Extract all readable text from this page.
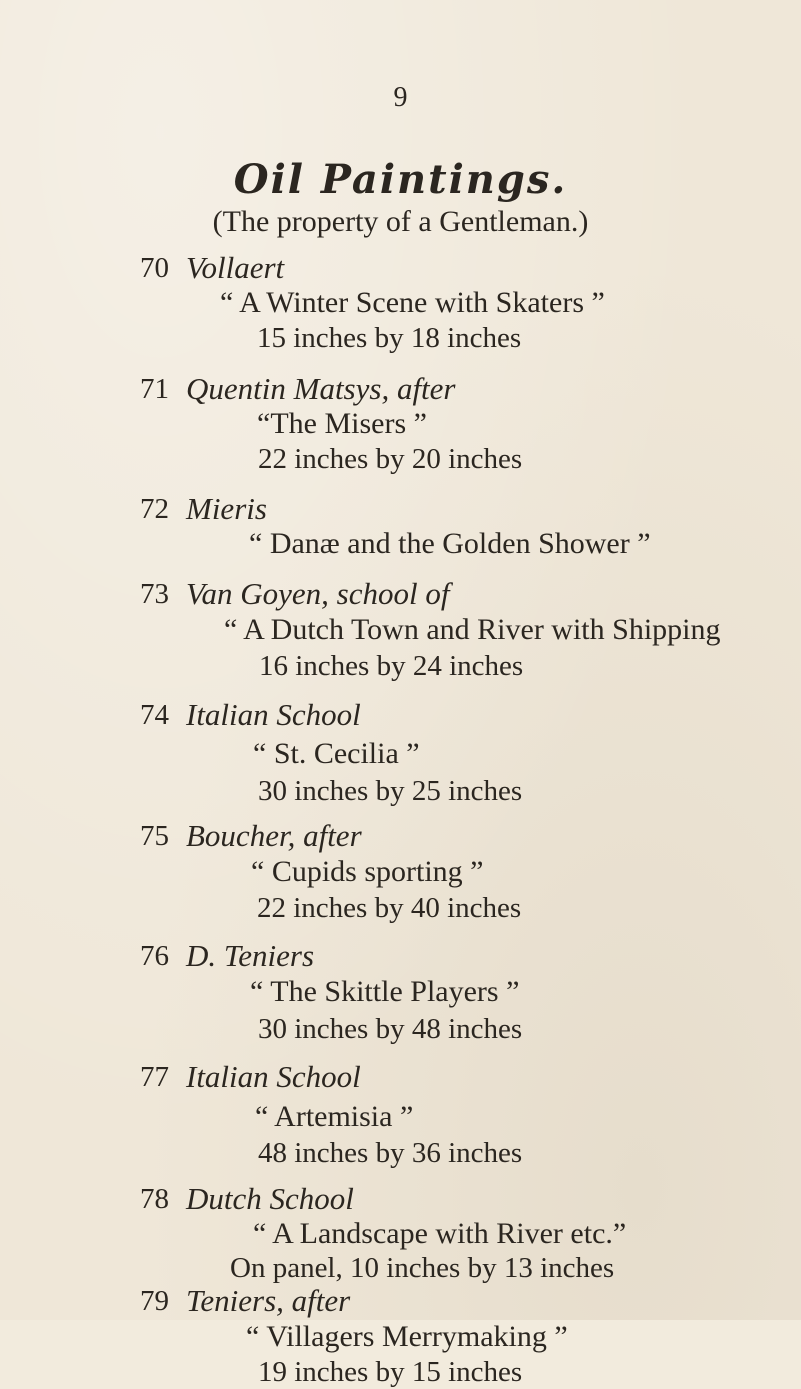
9
Oil Paintings.
(The property of a Gentleman.)
70 Vollaert
“ A Winter Scene with Skaters ”
15 inches by 18 inches
71 Quentin Matsys, after
“The Misers ”
22 inches by 20 inches
72 Mieris
“ Danæ and the Golden Shower ”
73 Van Goyen, school of
“ A Dutch Town and River with Shipping
16 inches by 24 inches
74 Italian School
“ St. Cecilia ”
30 inches by 25 inches
75 Boucher, after
“ Cupids sporting ”
22 inches by 40 inches
76 D. Teniers
“ The Skittle Players ”
30 inches by 48 inches
77 Italian School
“ Artemisia ”
48 inches by 36 inches
78 Dutch School
“ A Landscape with River etc.”
On panel, 10 inches by 13 inches
79 Teniers, after
“ Villagers Merrymaking ”
19 inches by 15 inches
